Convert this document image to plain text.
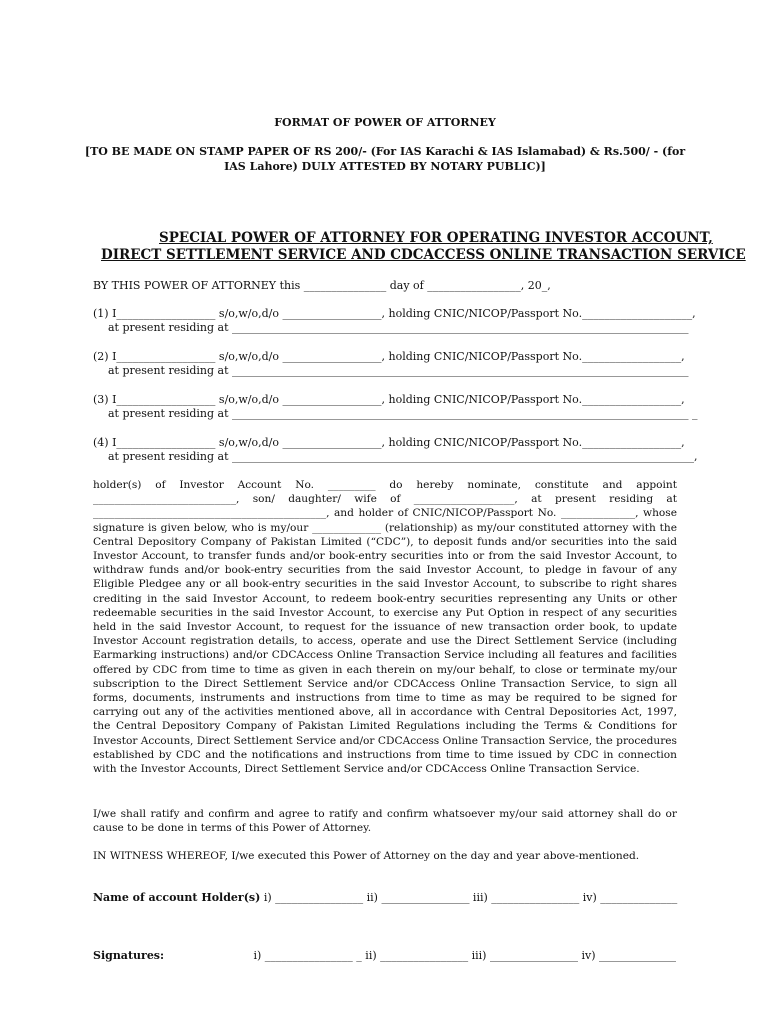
FORMAT OF POWER OF ATTORNEY
[TO BE MADE ON STAMP PAPER OF RS 200/- (For IAS Karachi & IAS Islamabad) & Rs.500/ - (for
IAS Lahore) DULY ATTESTED BY NOTARY PUBLIC)]
SPECIAL POWER OF ATTORNEY FOR OPERATING INVESTOR ACCOUNT,
DIRECT SETTLEMENT SERVICE AND CDCACCESS ONLINE TRANSACTION SERVICE
BY THIS POWER OF ATTORNEY this _______________ day of _________________, 20_,
(1) I__________________ s/o,w/o,d/o __________________, holding CNIC/NICOP/Passport No.____________________,
at present residing at ___________________________________________________________________________________
(2) I__________________ s/o,w/o,d/o __________________, holding CNIC/NICOP/Passport No.__________________,
at present residing at ___________________________________________________________________________________
(3) I__________________ s/o,w/o,d/o __________________, holding CNIC/NICOP/Passport No.__________________,
at present residing at ___________________________________________________________________________________ _
(4) I__________________ s/o,w/o,d/o __________________, holding CNIC/NICOP/Passport No.__________________,
at present residing at ____________________________________________________________________________________,
holder(s) of Investor Account No. _________ do hereby nominate, constitute and appoint ___________________________, son/ daughter/ wife of ___________________, at present residing at ____________________________________________, and holder of CNIC/NICOP/Passport No. ______________, whose signature is given below, who is my/our _____________ (relationship) as my/our constituted attorney with the Central Depository Company of Pakistan Limited (“CDC”), to deposit funds and/or securities into the said Investor Account, to transfer funds and/or book-entry securities into or from the said Investor Account, to withdraw funds and/or book-entry securities from the said Investor Account, to pledge in favour of any Eligible Pledgee any or all book-entry securities in the said Investor Account, to subscribe to right shares crediting in the said Investor Account, to redeem book-entry securities representing any Units or other redeemable securities in the said Investor Account, to exercise any Put Option in respect of any securities held in the said Investor Account, to request for the issuance of new transaction order book, to update Investor Account registration details, to access, operate and use the Direct Settlement Service (including Earmarking instructions) and/or CDCAccess Online Transaction Service including all features and facilities offered by CDC from time to time as given in each therein on my/our behalf, to close or terminate my/our subscription to the Direct Settlement Service and/or CDCAccess Online Transaction Service, to sign all forms, documents, instruments and instructions from time to time as may be required to be signed for carrying out any of the activities mentioned above, all in accordance with Central Depositories Act, 1997, the Central Depository Company of Pakistan Limited Regulations including the Terms & Conditions for Investor Accounts, Direct Settlement Service and/or CDCAccess Online Transaction Service, the procedures established by CDC and the notifications and instructions from time to time issued by CDC in connection with the Investor Accounts, Direct Settlement Service and/or CDCAccess Online Transaction Service.
I/we shall ratify and confirm and agree to ratify and confirm whatsoever my/our said attorney shall do or cause to be done in terms of this Power of Attorney.
IN WITNESS WHEREOF, I/we executed this Power of Attorney on the day and year above-mentioned.
Name of account Holder(s) i) ________________ ii) ________________ iii) ________________ iv) ______________
Signatures:	i) ________________ _ ii) ________________ iii) ________________ iv) ______________
